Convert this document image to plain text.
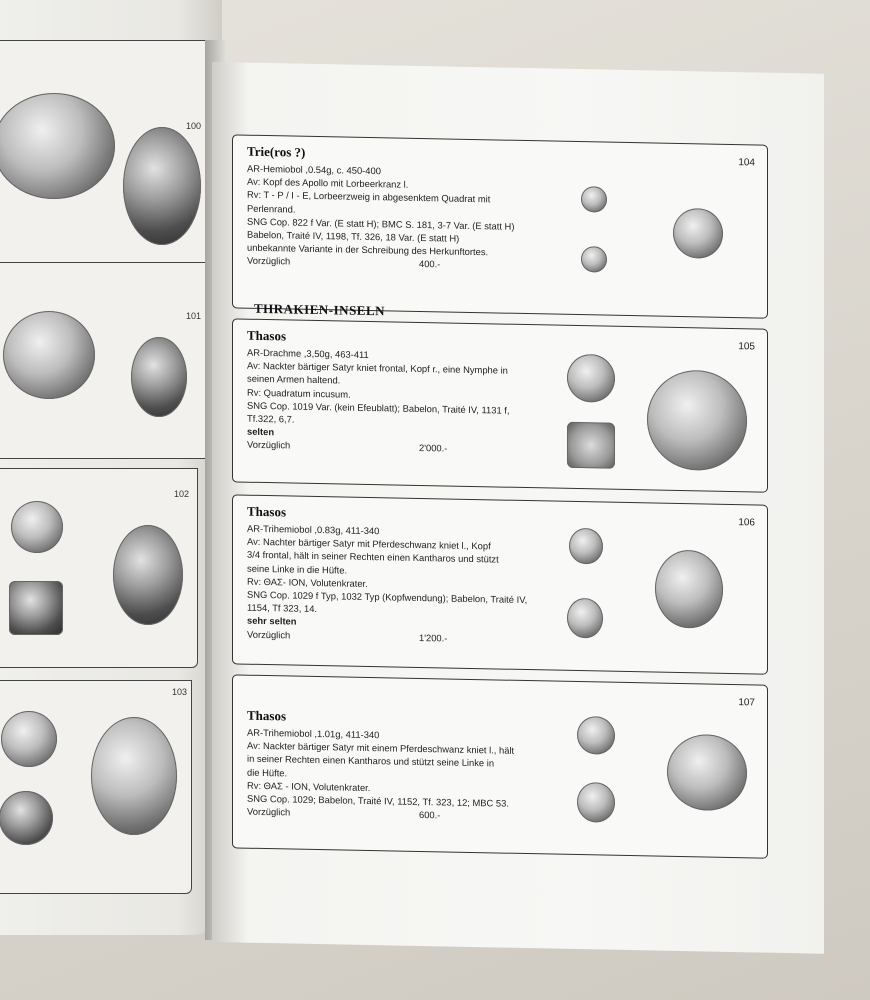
100
101
102
103
Trie(ros ?)
104
AR-Hemiobol ,0.54g, c. 450-400
Av: Kopf des Apollo mit Lorbeerkranz l.
Rv: T - P / I - E, Lorbeerzweig in abgesenktem Quadrat mit
Perlenrand.
SNG Cop. 822 f Var. (E statt H); BMC S. 181, 3-7 Var. (E statt H)
Babelon, Traité IV, 1198, Tf. 326, 18 Var. (E statt H)
unbekannte Variante in der Schreibung des Herkunftortes.
Vorzüglich	400.-
THRAKIEN-INSELN
Thasos
105
AR-Drachme ,3,50g, 463-411
Av: Nackter bärtiger Satyr kniet frontal, Kopf r., eine Nymphe in
seinen Armen haltend.
Rv: Quadratum incusum.
SNG Cop. 1019 Var. (kein Efeublatt); Babelon, Traité IV, 1131 f,
Tf.322, 6,7.
selten
Vorzüglich	2'000.-
Thasos
106
AR-Trihemiobol ,0.83g, 411-340
Av: Nachter bärtiger Satyr mit Pferdeschwanz kniet l., Kopf
3/4 frontal, hält in seiner Rechten einen Kantharos und stützt
seine Linke in die Hüfte.
Rv: ΘΑΣ- ΙΟΝ, Volutenkrater.
SNG Cop. 1029 f Typ, 1032 Typ (Kopfwendung); Babelon, Traité IV,
1154, Tf 323, 14.
sehr selten
Vorzüglich	1'200.-
Thasos
107
AR-Trihemiobol ,1.01g, 411-340
Av: Nackter bärtiger Satyr mit einem Pferdeschwanz kniet l., hält
in seiner Rechten einen Kantharos und stützt seine Linke in
die Hüfte.
Rv: ΘΑΣ - ΙΟΝ, Volutenkrater.
SNG Cop. 1029; Babelon, Traité IV, 1152, Tf. 323, 12; MBC 53.
Vorzüglich	600.-
